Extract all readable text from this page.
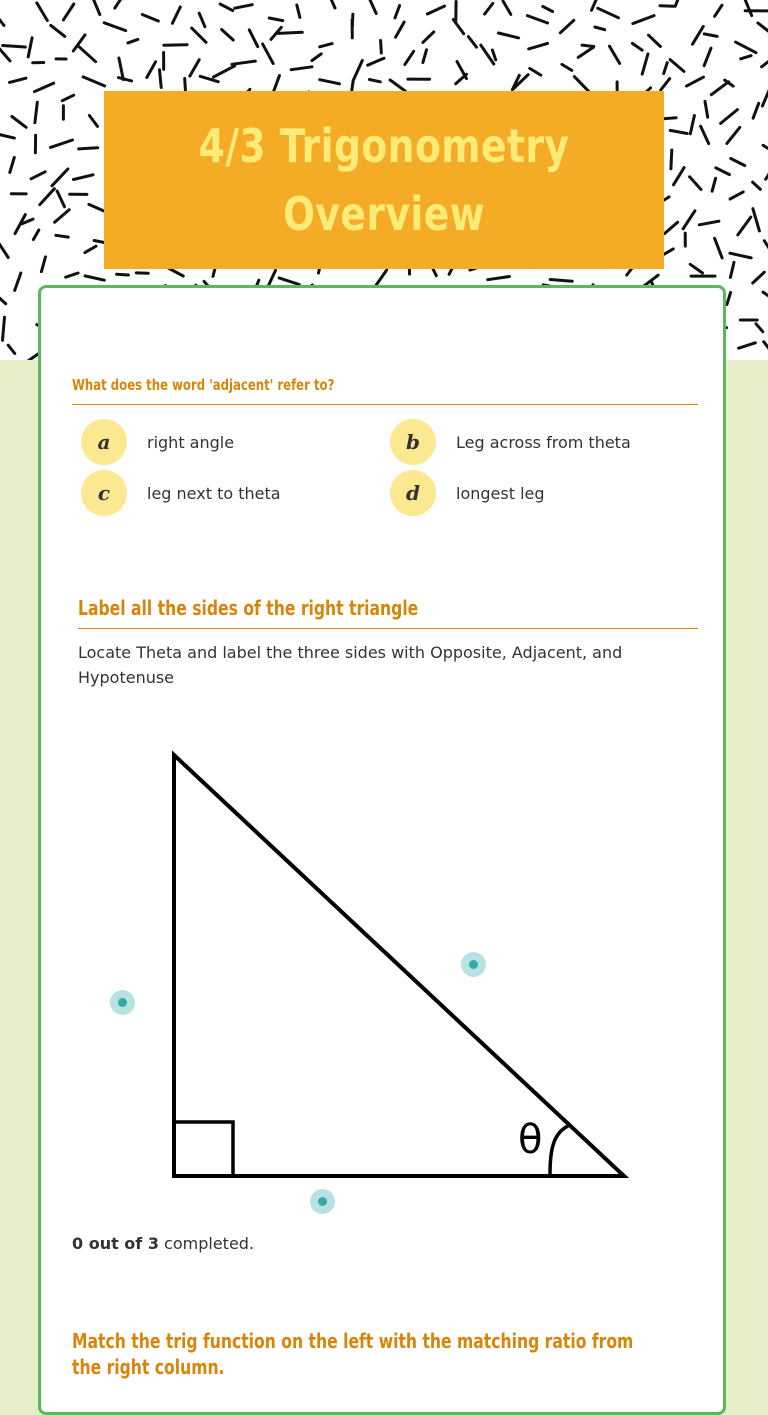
4/3 Trigonometry Overview
What does the word 'adjacent' refer to?
a	right angle	b	Leg across from theta
c	leg next to theta	d	longest leg
Label all the sides of the right triangle

Locate Theta and label the three sides with Opposite, Adjacent, and Hypotenuse

θ
0 out of 3 completed.
Match the trig function on the left with the matching ratio from the right column.
